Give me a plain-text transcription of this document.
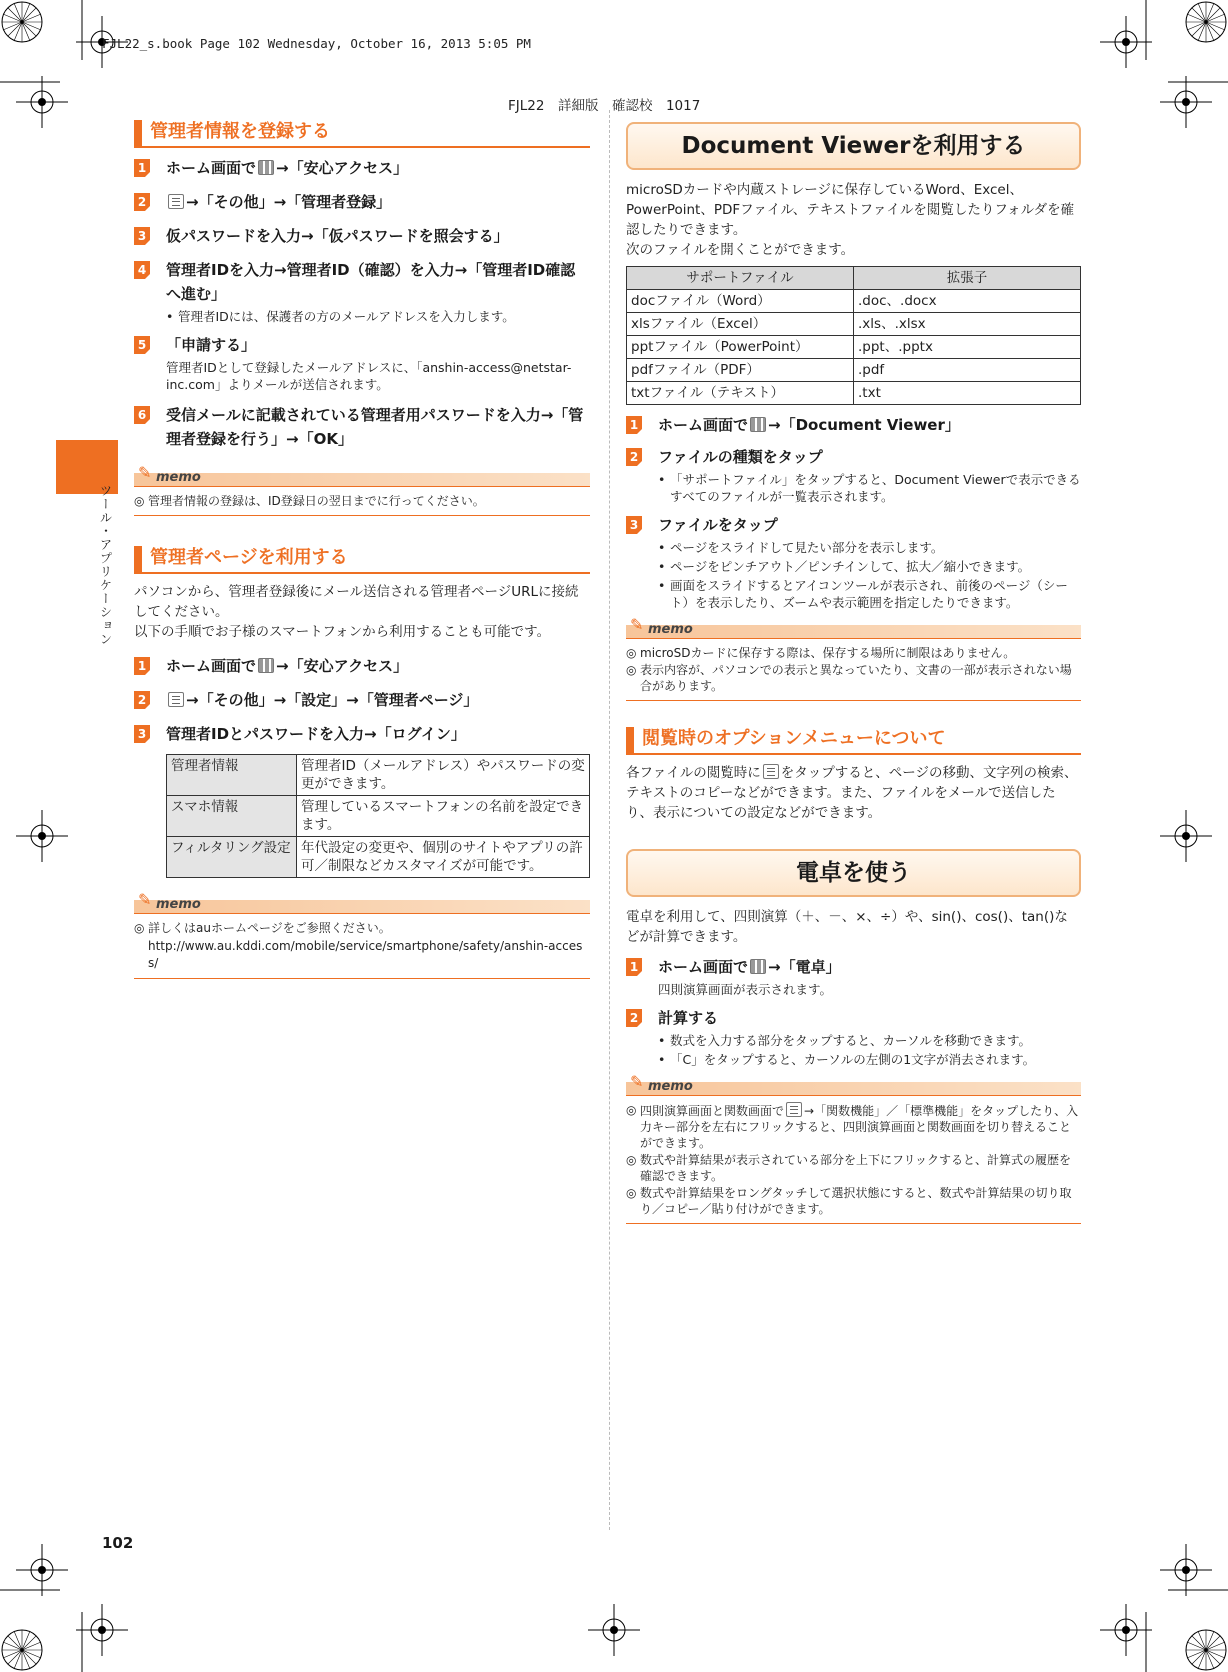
FJL22_s.book Page 102 Wednesday, October 16, 2013 5:05 PM
FJL22　詳細版　確認校　1017
ツール・アプリケーション
102
管理者情報を登録する
1 ホーム画面で →「安心アクセス」
2	→「その他」→「管理者登録」
3 仮パスワードを入力→「仮パスワードを照会する」
4 管理者IDを入力→管理者ID（確認）を入力→「管理者ID確認へ進む」
• 管理者IDには、保護者の方のメールアドレスを入力します。
5 「申請する」
管理者IDとして登録したメールアドレスに、「anshin-access@netstar-inc.com」よりメールが送信されます。
6 受信メールに記載されている管理者用パスワードを入力→「管理者登録を行う」→「OK」
✎ memo
◎ 管理者情報の登録は、ID登録日の翌日までに行ってください。
管理者ページを利用する
パソコンから、管理者登録後にメール送信される管理者ページURLに接続してください。
以下の手順でお子様のスマートフォンから利用することも可能です。
1 ホーム画面で →「安心アクセス」
2	→「その他」→「設定」→「管理者ページ」
3 管理者IDとパスワードを入力→「ログイン」
管理者情報	管理者ID（メールアドレス）やパスワードの変更ができます。
スマホ情報	管理しているスマートフォンの名前を設定できます。
フィルタリング設定	年代設定の変更や、個別のサイトやアプリの許可／制限などカスタマイズが可能です。
✎ memo
◎ 詳しくはauホームページをご参照ください。
http://www.au.kddi.com/mobile/service/smartphone/safety/anshin-access/
Document Viewerを利用する
microSDカードや内蔵ストレージに保存しているWord、Excel、PowerPoint、PDFファイル、テキストファイルを閲覧したりフォルダを確認したりできます。
次のファイルを開くことができます。
サポートファイル	拡張子
docファイル（Word）	.doc、.docx
xlsファイル（Excel）	.xls、.xlsx
pptファイル（PowerPoint）	.ppt、.pptx
pdfファイル（PDF）	.pdf
txtファイル（テキスト）	.txt
1 ホーム画面で →「Document Viewer」
2 ファイルの種類をタップ
• 「サポートファイル」をタップすると、Document Viewerで表示できるすべてのファイルが一覧表示されます。
3 ファイルをタップ
• ページをスライドして見たい部分を表示します。
• ページをピンチアウト／ピンチインして、拡大／縮小できます。
• 画面をスライドするとアイコンツールが表示され、前後のページ（シート）を表示したり、ズームや表示範囲を指定したりできます。
✎ memo
◎ microSDカードに保存する際は、保存する場所に制限はありません。
◎ 表示内容が、パソコンでの表示と異なっていたり、文書の一部が表示されない場合があります。
閲覧時のオプションメニューについて
各ファイルの閲覧時に をタップすると、ページの移動、文字列の検索、テキストのコピーなどができます。また、ファイルをメールで送信したり、表示についての設定などができます。
電卓を使う
電卓を利用して、四則演算（＋、－、×、÷）や、sin()、cos()、tan()などが計算できます。
1 ホーム画面で →「電卓」
四則演算画面が表示されます。
2 計算する
• 数式を入力する部分をタップすると、カーソルを移動できます。
• 「C」をタップすると、カーソルの左側の1文字が消去されます。
✎ memo
◎ 四則演算画面と関数画面で →「関数機能」／「標準機能」をタップしたり、入力キー部分を左右にフリックすると、四則演算画面と関数画面を切り替えることができます。
◎ 数式や計算結果が表示されている部分を上下にフリックすると、計算式の履歴を確認できます。
◎ 数式や計算結果をロングタッチして選択状態にすると、数式や計算結果の切り取り／コピー／貼り付けができます。
